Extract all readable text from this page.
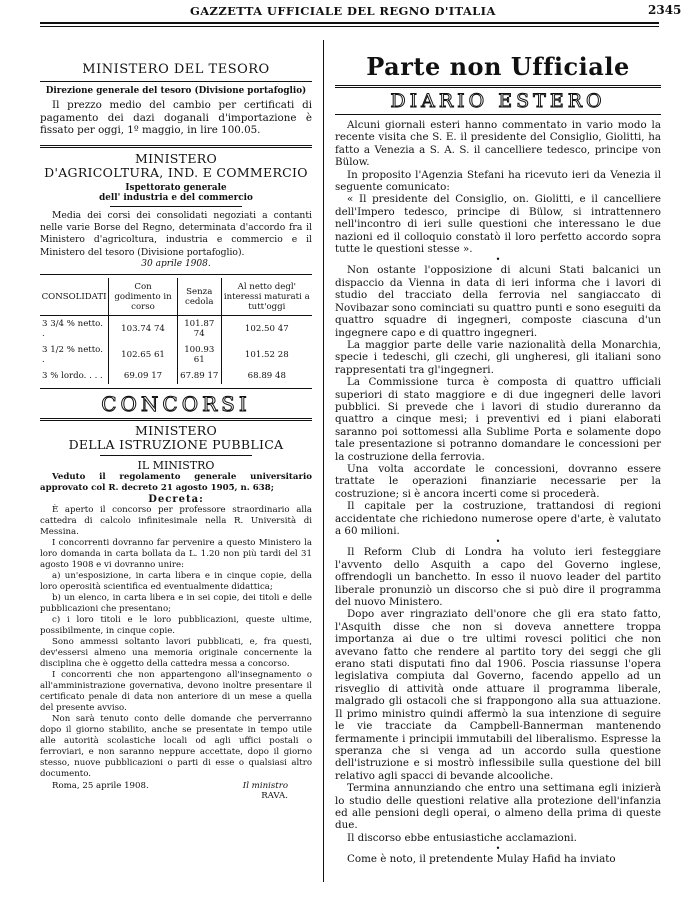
GAZZETTA UFFICIALE DEL REGNO D'ITALIA	2345
MINISTERO DEL TESORO
Direzione generale del tesoro (Divisione portafoglio)

Il prezzo medio del cambio per certificati di pagamento dei dazi doganali d'importazione è fissato per oggi, 1º maggio, in lire 100.05.

MINISTERO
D'AGRICOLTURA, IND. E COMMERCIO
Ispettorato generale
dell' industria e del commercio

Media dei corsi dei consolidati negoziati a contanti nelle varie Borse del Regno, determinata d'accordo fra il Ministero d'agricoltura, industria e commercio e il Ministero del tesoro (Divisione portafoglio).

30 aprile 1908.
CONSOLIDATI	Con godimento in corso	Senza cedola	Al netto degl' interessi maturati a tutt'oggi
3 3/4 % netto. .	103.74 74	101.87 74	102.50 47
3 1/2 % netto. .	102.65 61	100.93 61	101.52 28
3 % lordo. . . .	69.09 17	67.89 17	68.89 48
CONCORSI
MINISTERO
DELLA ISTRUZIONE PUBBLICA
IL MINISTRO

Veduto il regolamento generale universitario approvato col R. decreto 21 agosto 1905, n. 638;

Decreta:

È aperto il concorso per professore straordinario alla cattedra di calcolo infinitesimale nella R. Università di Messina.

I concorrenti dovranno far pervenire a questo Ministero la loro domanda in carta bollata da L. 1.20 non più tardi del 31 agosto 1908 e vi dovranno unire:

a) un'esposizione, in carta libera e in cinque copie, della loro operosità scientifica ed eventualmente didattica;

b) un elenco, in carta libera e in sei copie, dei titoli e delle pubblicazioni che presentano;

c) i loro titoli e le loro pubblicazioni, queste ultime, possibilmente, in cinque copie.

Sono ammessi soltanto lavori pubblicati, e, fra questi, dev'essersi almeno una memoria originale concernente la disciplina che è oggetto della cattedra messa a concorso.

I concorrenti che non appartengono all'insegnamento o all'amministrazione governativa, devono inoltre presentare il certificato penale di data non anteriore di un mese a quella del presente avviso.

Non sarà tenuto conto delle domande che perverranno dopo il giorno stabilito, anche se presentate in tempo utile alle autorità scolastiche locali od agli uffici postali o ferroviari, e non saranno neppure accettate, dopo il giorno stesso, nuove pubblicazioni o parti di esse o qualsiasi altro documento.

Roma, 25 aprile 1908.	Il ministro
RAVA.
Parte non Ufficiale
DIARIO ESTERO

Alcuni giornali esteri hanno commentato in vario modo la recente visita che S. E. il presidente del Consiglio, Giolitti, ha fatto a Venezia a S. A. S. il cancelliere tedesco, principe von Bülow.

In proposito l'Agenzia Stefani ha ricevuto ieri da Venezia il seguente comunicato:

« Il presidente del Consiglio, on. Giolitti, e il cancelliere dell'Impero tedesco, principe di Bülow, si intrattennero nell'incontro di ieri sulle questioni che interessano le due nazioni ed il colloquio constatò il loro perfetto accordo sopra tutte le questioni stesse ».

•

Non ostante l'opposizione di alcuni Stati balcanici un dispaccio da Vienna in data di ieri informa che i lavori di studio del tracciato della ferrovia nel sangiaccato di Novibazar sono cominciati su quattro punti e sono eseguiti da quattro squadre di ingegneri, composte ciascuna d'un ingegnere capo e di quattro ingegneri.

La maggior parte delle varie nazionalità della Monarchia, specie i tedeschi, gli czechi, gli ungheresi, gli italiani sono rappresentati tra gl'ingegneri.

La Commissione turca è composta di quattro ufficiali superiori di stato maggiore e di due ingegneri delle lavori pubblici. Si prevede che i lavori di studio dureranno da quattro a cinque mesi; i preventivi ed i piani elaborati saranno poi sottomessi alla Sublime Porta e solamente dopo tale presentazione si potranno domandare le concessioni per la costruzione della ferrovia.

Una volta accordate le concessioni, dovranno essere trattate le operazioni finanziarie necessarie per la costruzione; si è ancora incerti come si procederà.

Il capitale per la costruzione, trattandosi di regioni accidentate che richiedono numerose opere d'arte, è valutato a 60 milioni.

•

Il Reform Club di Londra ha voluto ieri festeggiare l'avvento dello Asquith a capo del Governo inglese, offrendogli un banchetto. In esso il nuovo leader del partito liberale pronunziò un discorso che si può dire il programma del nuovo Ministero.

Dopo aver ringraziato dell'onore che gli era stato fatto, l'Asquith disse che non si doveva annettere troppa importanza ai due o tre ultimi rovesci politici che non avevano fatto che rendere al partito tory dei seggi che gli erano stati disputati fino dal 1906. Poscia riassunse l'opera legislativa compiuta dal Governo, facendo appello ad un risveglio di attività onde attuare il programma liberale, malgrado gli ostacoli che si frappongono alla sua attuazione. Il primo ministro quindi affermò la sua intenzione di seguire le vie tracciate da Campbell-Bannerman mantenendo fermamente i principii immutabili del liberalismo. Espresse la speranza che si venga ad un accordo sulla questione dell'istruzione e si mostrò inflessibile sulla questione del bill relativo agli spacci di bevande alcooliche.

Termina annunziando che entro una settimana egli inizierà lo studio delle questioni relative alla protezione dell'infanzia ed alle pensioni degli operai, o almeno della prima di queste due.

Il discorso ebbe entusiastiche acclamazioni.

•

Come è noto, il pretendente Mulay Hafid ha inviato
